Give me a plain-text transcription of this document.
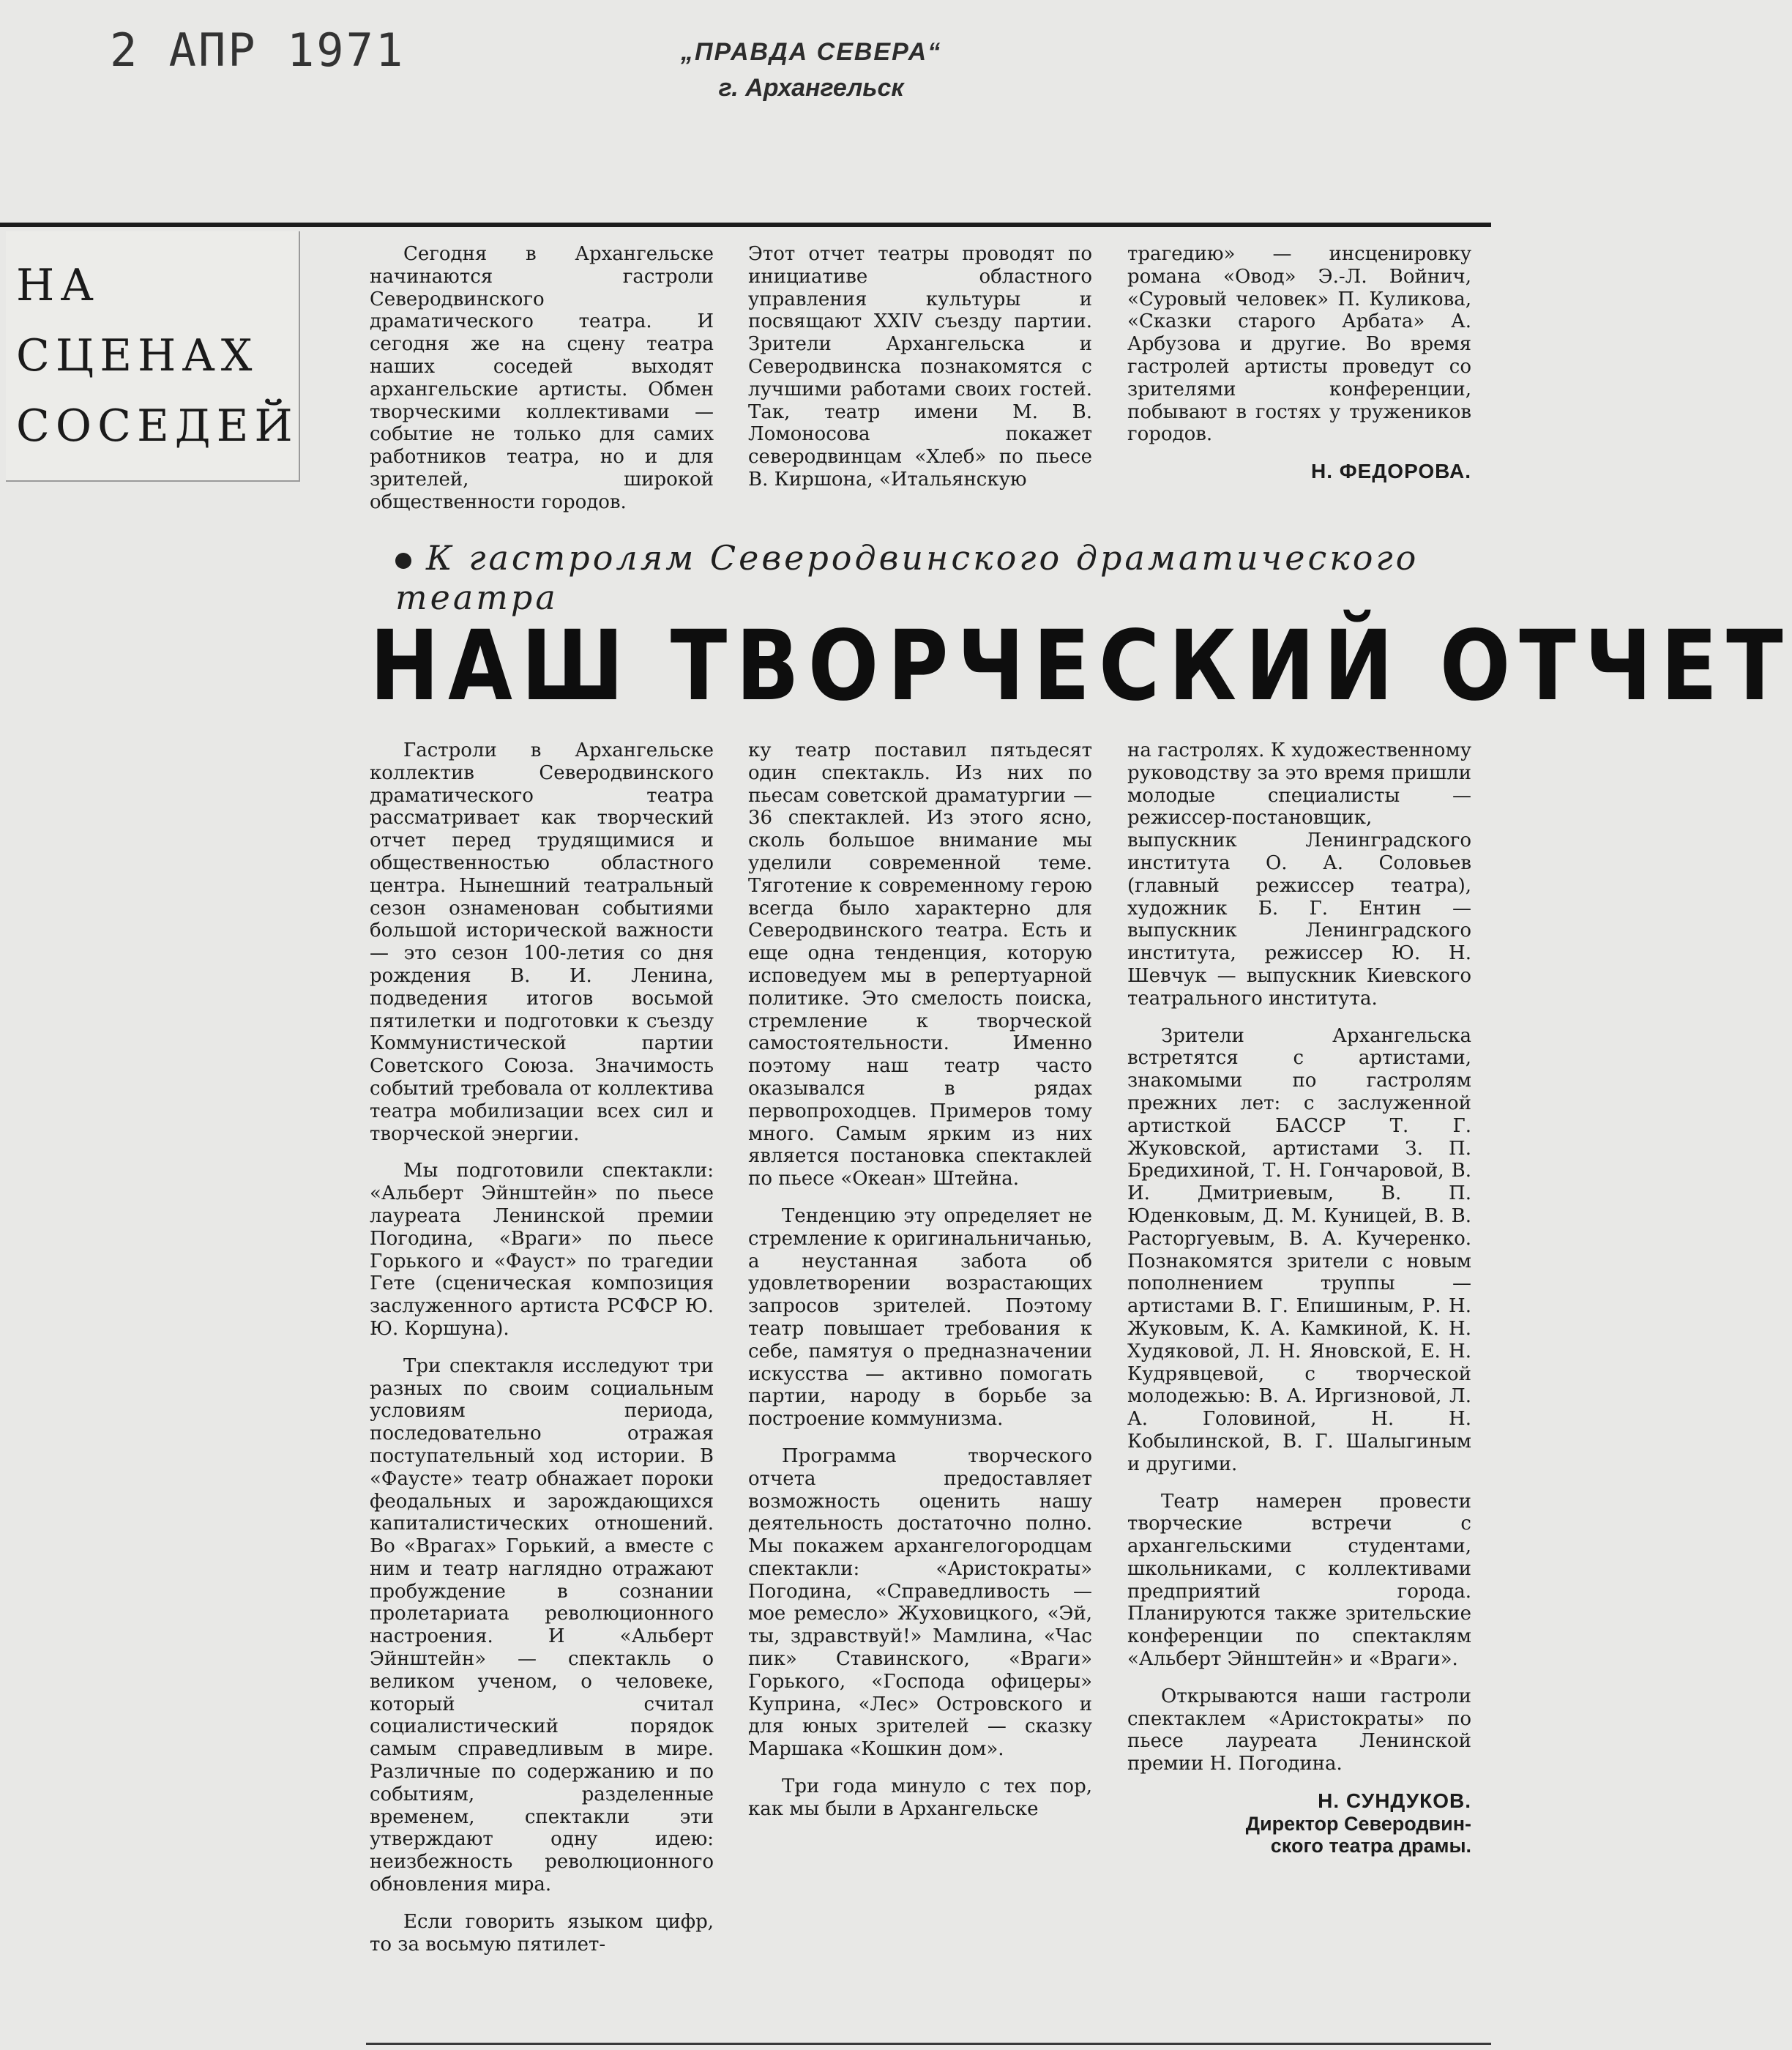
2 АПР 1971	„ПРАВДА СЕВЕРА“
г. Архангельск
НА
СЦЕНАХ
СОСЕДЕЙ

Сегодня в Архангельске начинаются гастроли Северодвинского драматического театра. И сегодня же на сцену театра наших соседей выходят архангельские артисты. Обмен творческими коллективами — событие не только для самих работников театра, но и для зрителей, широкой общественности городов.

Этот отчет театры проводят по инициативе областного управления культуры и посвящают XXIV съезду партии. Зрители Архангельска и Северодвинска познакомятся с лучшими работами своих гостей. Так, театр имени М. В. Ломоносова покажет северодвинцам «Хлеб» по пьесе В. Киршона, «Итальянскую

трагедию» — инсценировку романа «Овод» Э.-Л. Войнич, «Суровый человек» П. Куликова, «Сказки старого Арбата» А. Арбузова и другие. Во время гастролей артисты проведут со зрителями конференции, побывают в гостях у тружеников городов.

Н. ФЕДОРОВА.
К гастролям Северодвинского драматического театра
НАШ ТВОРЧЕСКИЙ ОТЧЕТ

Гастроли в Архангельске коллектив Северодвинского драматического театра рассматривает как творческий отчет перед трудящимися и общественностью областного центра. Нынешний театральный сезон ознаменован событиями большой исторической важности — это сезон 100-летия со дня рождения В. И. Ленина, подведения итогов восьмой пятилетки и подготовки к съезду Коммунистической партии Советского Союза. Значимость событий требовала от коллектива театра мобилизации всех сил и творческой энергии.

Мы подготовили спектакли: «Альберт Эйнштейн» по пьесе лауреата Ленинской премии Погодина, «Враги» по пьесе Горького и «Фауст» по трагедии Гете (сценическая композиция заслуженного артиста РСФСР Ю. Ю. Коршуна).

Три спектакля исследуют три разных по своим социальным условиям периода, последовательно отражая поступательный ход истории. В «Фаусте» театр обнажает пороки феодальных и зарождающихся капиталистических отношений. Во «Врагах» Горький, а вместе с ним и театр наглядно отражают пробуждение в сознании пролетариата революционного настроения. И «Альберт Эйнштейн» — спектакль о великом ученом, о человеке, который считал социалистический порядок самым справедливым в мире. Различные по содержанию и по событиям, разделенные временем, спектакли эти утверждают одну идею: неизбежность революционного обновления мира.

Если говорить языком цифр, то за восьмую пятилет-

ку театр поставил пятьдесят один спектакль. Из них по пьесам советской драматургии — 36 спектаклей. Из этого ясно, сколь большое внимание мы уделили современной теме. Тяготение к современному герою всегда было характерно для Северодвинского театра. Есть и еще одна тенденция, которую исповедуем мы в репертуарной политике. Это смелость поиска, стремление к творческой самостоятельности. Именно поэтому наш театр часто оказывался в рядах первопроходцев. Примеров тому много. Самым ярким из них является постановка спектаклей по пьесе «Океан» Штейна.

Тенденцию эту определяет не стремление к оригинальничанью, а неустанная забота об удовлетворении возрастающих запросов зрителей. Поэтому театр повышает требования к себе, памятуя о предназначении искусства — активно помогать партии, народу в борьбе за построение коммунизма.

Программа творческого отчета предоставляет возможность оценить нашу деятельность достаточно полно. Мы покажем архангелогородцам спектакли: «Аристократы» Погодина, «Справедливость — мое ремесло» Жуховицкого, «Эй, ты, здравствуй!» Мамлина, «Час пик» Ставинского, «Враги» Горького, «Господа офицеры» Куприна, «Лес» Островского и для юных зрителей — сказку Маршака «Кошкин дом».

Три года минуло с тех пор, как мы были в Архангельске

на гастролях. К художественному руководству за это время пришли молодые специалисты — режиссер-постановщик, выпускник Ленинградского института О. А. Соловьев (главный режиссер театра), художник Б. Г. Ентин — выпускник Ленинградского института, режиссер Ю. Н. Шевчук — выпускник Киевского театрального института.

Зрители Архангельска встретятся с артистами, знакомыми по гастролям прежних лет: с заслуженной артисткой БАССР Т. Г. Жуковской, артистами З. П. Бредихиной, Т. Н. Гончаровой, В. И. Дмитриевым, В. П. Юденковым, Д. М. Куницей, В. В. Расторгуевым, В. А. Кучеренко. Познакомятся зрители с новым пополнением труппы — артистами В. Г. Епишиным, Р. Н. Жуковым, К. А. Камкиной, К. Н. Худяковой, Л. Н. Яновской, Е. Н. Кудрявцевой, с творческой молодежью: В. А. Иргизновой, Л. А. Головиной, Н. Н. Кобылинской, В. Г. Шалыгиным и другими.

Театр намерен провести творческие встречи с архангельскими студентами, школьниками, с коллективами предприятий города. Планируются также зрительские конференции по спектаклям «Альберт Эйнштейн» и «Враги».

Открываются наши гастроли спектаклем «Аристократы» по пьесе лауреата Ленинской премии Н. Погодина.

Н. СУНДУКОВ.
Директор Северодвин-
ского театра драмы.
